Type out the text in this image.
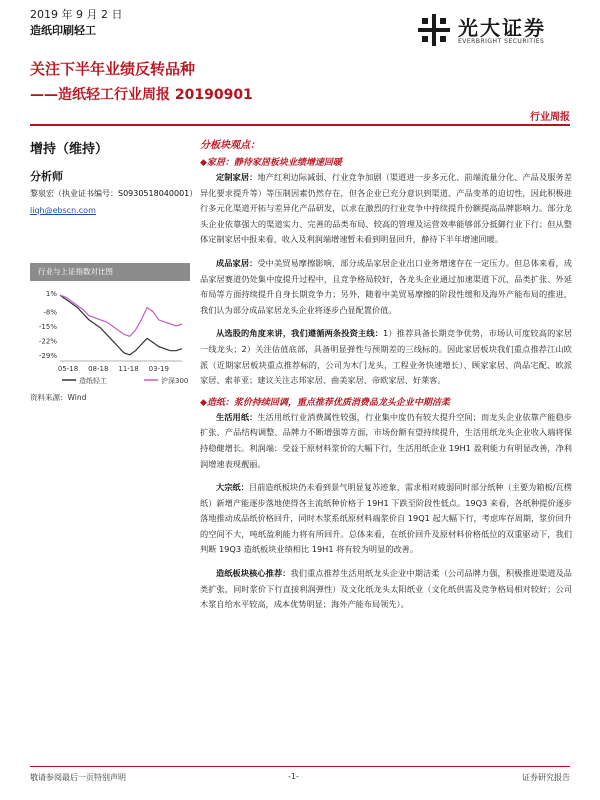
2019 年 9 月 2 日
造纸印刷轻工	光大证券
EVERBRIGHT SECURITIES
关注下半年业绩反转品种
——造纸轻工行业周报 20190901
行业周报
增持（维持）
分析师
黎泉宏（执业证书编号：S0930518040001）
liqh@ebscn.com
行业与上证指数对比图
1%
-8%
-15%
-22%
-29%
05-18 08-18 11-18 03-19
造纸轻工	沪深300
资料来源：Wind
分板块观点：
◆家居：静待家居板块业绩增速回暖

定制家居：地产红利边际减弱、行业竞争加剧（渠道进一步多元化、前端流量分化、产品及服务差异化要求提升等）等压制因素仍然存在，但各企业已充分意识到渠道、产品变革的迫切性，因此积极进行多元化渠道开拓与差异化产品研发，以求在激烈的行业竞争中持续提升份额提高品牌影响力。部分龙头企业依靠强大的渠道实力、完善的品类布局、较高的管理及运营效率能够部分抵御行业下行；但从整体定制家居中报来看，收入及利润端增速暂未看到明显回升，静待下半年增速回暖。

成品家居：受中美贸易摩擦影响，部分成品家居企业出口业务增速存在一定压力。但总体来看，成品家居赛道仍处集中度提升过程中，且竞争格局较好，各龙头企业通过加速渠道下沉、品类扩张、外延布局等方面持续提升自身长期竞争力；另外，随着中美贸易摩擦的阶段性缓和及海外产能布局的推进，我们认为部分成品家居龙头企业将逐步凸显配置价值。

从选股的角度来讲，我们遵循两条投资主线：1）推荐具备长期竞争优势，市场认可度较高的家居一线龙头；2）关注估值底部，具备明显弹性与预期差的三线标的。因此家居板块我们重点推荐江山欧派（近期家居板块重点推荐标的，公司为木门龙头，工程业务快速增长）、顾家家居、尚品宅配、欧派家居、索菲亚；建议关注志邦家居、曲美家居、帝欧家居、好莱客。

◆造纸：浆价持续回调，重点推荐优质消费品龙头企业中期洁柔

生活用纸：生活用纸行业消费属性较强，行业集中度仍有较大提升空间；而龙头企业依靠产能稳步扩张、产品结构调整、品牌力不断增强等方面，市场份额有望持续提升，生活用纸龙头企业收入端将保持稳健增长。利润端：受益于原材料浆价的大幅下行，生活用纸企业 19H1 盈利能力有明显改善，净利润增速表现靓丽。

大宗纸：目前造纸板块仍未看到景气明显复苏迹象，需求相对疲弱同时部分纸种（主要为箱板/瓦楞纸）新增产能逐步落地使得各主流纸种价格于 19H1 下跌至阶段性低点。19Q3 来看，各纸种提价逐步落地推动成品纸价格回升，同时木浆系纸原材料端浆价自 19Q1 起大幅下行，考虑库存周期，浆价回升的空间不大，吨纸盈利能力将有所回升。总体来看，在纸价回升及原材料价格低位的双重驱动下，我们判断 19Q3 造纸板块业绩相比 19H1 将有较为明显的改善。

造纸板块核心推荐：我们重点推荐生活用纸龙头企业中期洁柔（公司品牌力强，积极推进渠道及品类扩张，同时浆价下行直接利润弹性）及文化纸龙头太阳纸业（文化纸供需及竞争格局相对较好；公司木浆自给水平较高，成本优势明显；海外产能布局领先）。

敬请参阅最后一页特别声明	-1-	证券研究报告
